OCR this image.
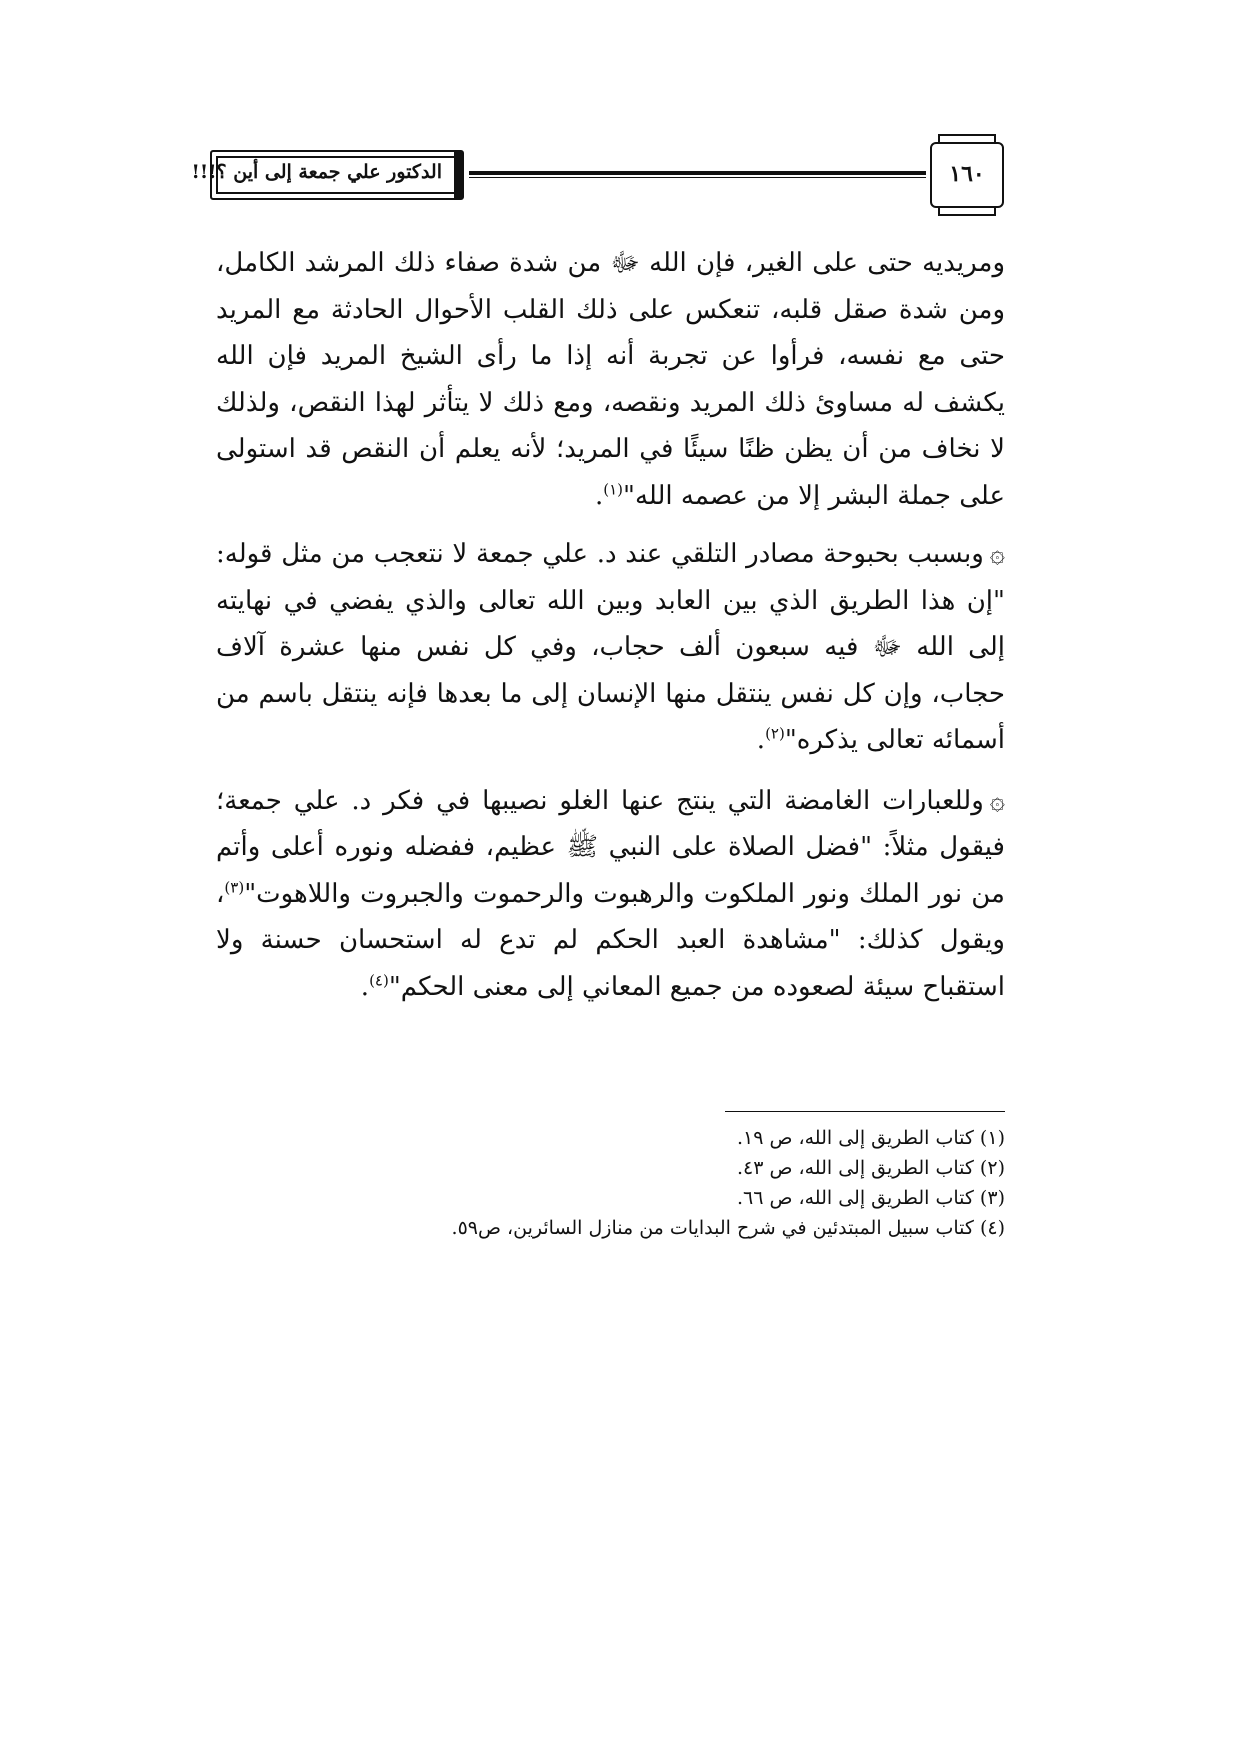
الدكتور علي جمعة إلى أين ؟!!!	١٦٠

ومريديه حتى على الغير، فإن الله ﷻ من شدة صفاء ذلك المرشد الكامل، ومن شدة صقل قلبه، تنعكس على ذلك القلب الأحوال الحادثة مع المريد حتى مع نفسه، فرأوا عن تجربة أنه إذا ما رأى الشيخ المريد فإن الله يكشف له مساوئ ذلك المريد ونقصه، ومع ذلك لا يتأثر لهذا النقص، ولذلك لا نخاف من أن يظن ظنًا سيئًا في المريد؛ لأنه يعلم أن النقص قد استولى على جملة البشر إلا من عصمه الله"$^{(١)}$.

۞وبسبب بحبوحة مصادر التلقي عند د. علي جمعة لا نتعجب من مثل قوله: "إن هذا الطريق الذي بين العابد وبين الله تعالى والذي يفضي في نهايته إلى الله ﷻ فيه سبعون ألف حجاب، وفي كل نفس منها عشرة آلاف حجاب، وإن كل نفس ينتقل منها الإنسان إلى ما بعدها فإنه ينتقل باسم من أسمائه تعالى يذكره"$^{(٢)}$.

۞وللعبارات الغامضة التي ينتج عنها الغلو نصيبها في فكر د. علي جمعة؛ فيقول مثلاً: "فضل الصلاة على النبي ﷺ عظيم، ففضله ونوره أعلى وأتم من نور الملك ونور الملكوت والرهبوت والرحموت والجبروت واللاهوت"$^{(٣)}$، ويقول كذلك: "مشاهدة العبد الحكم لم تدع له استحسان حسنة ولا استقباح سيئة لصعوده من جميع المعاني إلى معنى الحكم"$^{(٤)}$.

(١) كتاب الطريق إلى الله، ص ١٩.
(٢) كتاب الطريق إلى الله، ص ٤٣.
(٣) كتاب الطريق إلى الله، ص ٦٦.
(٤) كتاب سبيل المبتدئين في شرح البدايات من منازل السائرين، ص٥٩.
